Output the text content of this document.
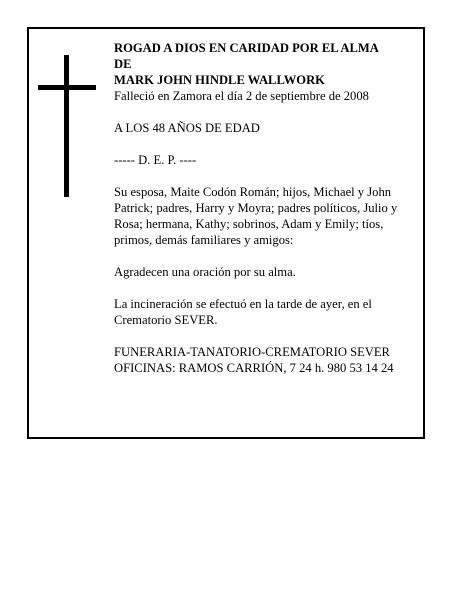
ROGAD A DIOS EN CARIDAD POR EL ALMA

DE

MARK JOHN HINDLE WALLWORK

Falleció en Zamora el día 2 de septiembre de 2008

A LOS 48 AÑOS DE EDAD

----- D. E. P. ----

Su esposa, Maite Codón Román; hijos, Michael y John Patrick; padres, Harry y Moyra; padres políticos, Julio y Rosa; hermana, Kathy; sobrinos, Adam y Emily; tíos, primos, demás familiares y amigos:

Agradecen una oración por su alma.

La incineración se efectuó en la tarde de ayer, en el Crematorio SEVER.

FUNERARIA-TANATORIO-CREMATORIO SEVER

OFICINAS: RAMOS CARRIÓN, 7 24 h. 980 53 14 24
